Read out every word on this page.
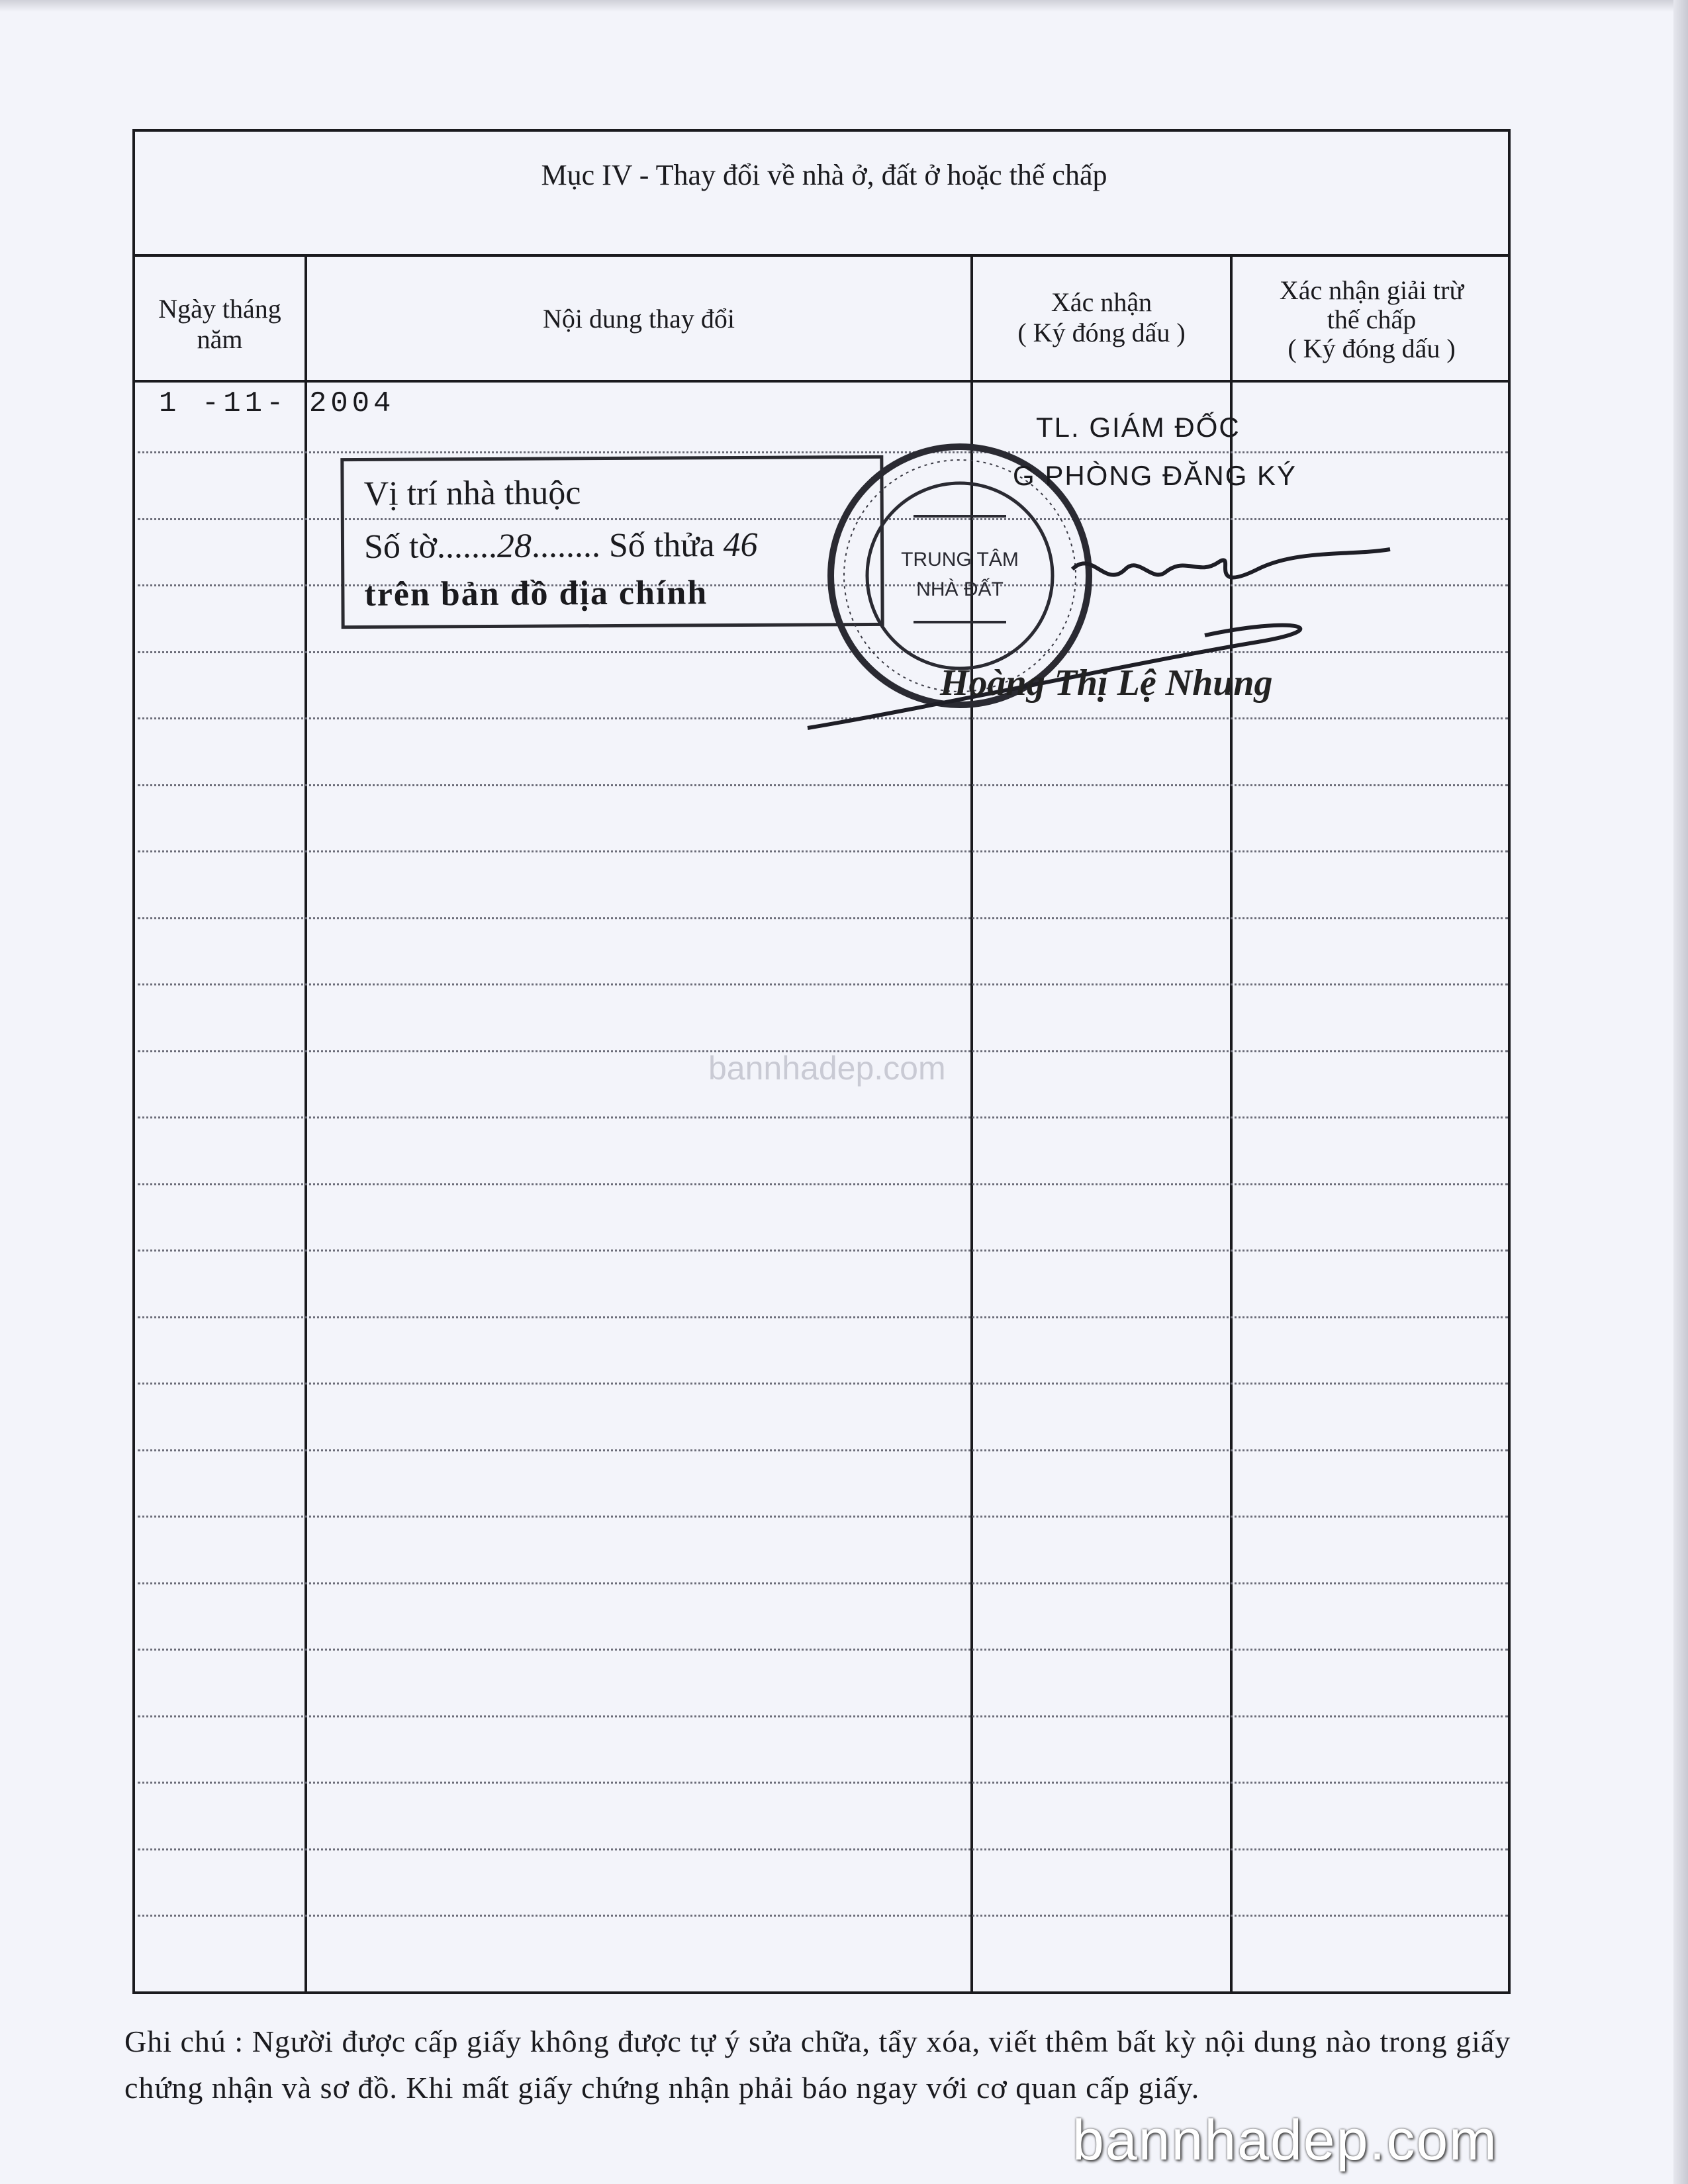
Mục IV - Thay đổi về nhà ở, đất ở hoặc thế chấp
Ngày tháng
năm
Nội dung thay đổi
Xác nhận
( Ký đóng dấu )
Xác nhận giải trừ
thế chấp
( Ký đóng dấu )
1 -11- 2004
Vị trí nhà thuộc
Số tờ.......28........ Số thửa 46
trên bản đồ địa chính
TRUNG TÂM
NHÀ ĐẤT
TL. GIÁM ĐỐC
G PHÒNG ĐĂNG KÝ
Hoàng Thị Lệ Nhung
bannhadep.com
Ghi chú : Người được cấp giấy không được tự ý sửa chữa, tẩy xóa, viết thêm bất kỳ nội dung nào trong giấy chứng nhận và sơ đồ. Khi mất giấy chứng nhận phải báo ngay với cơ quan cấp giấy.
bannhadep.com
